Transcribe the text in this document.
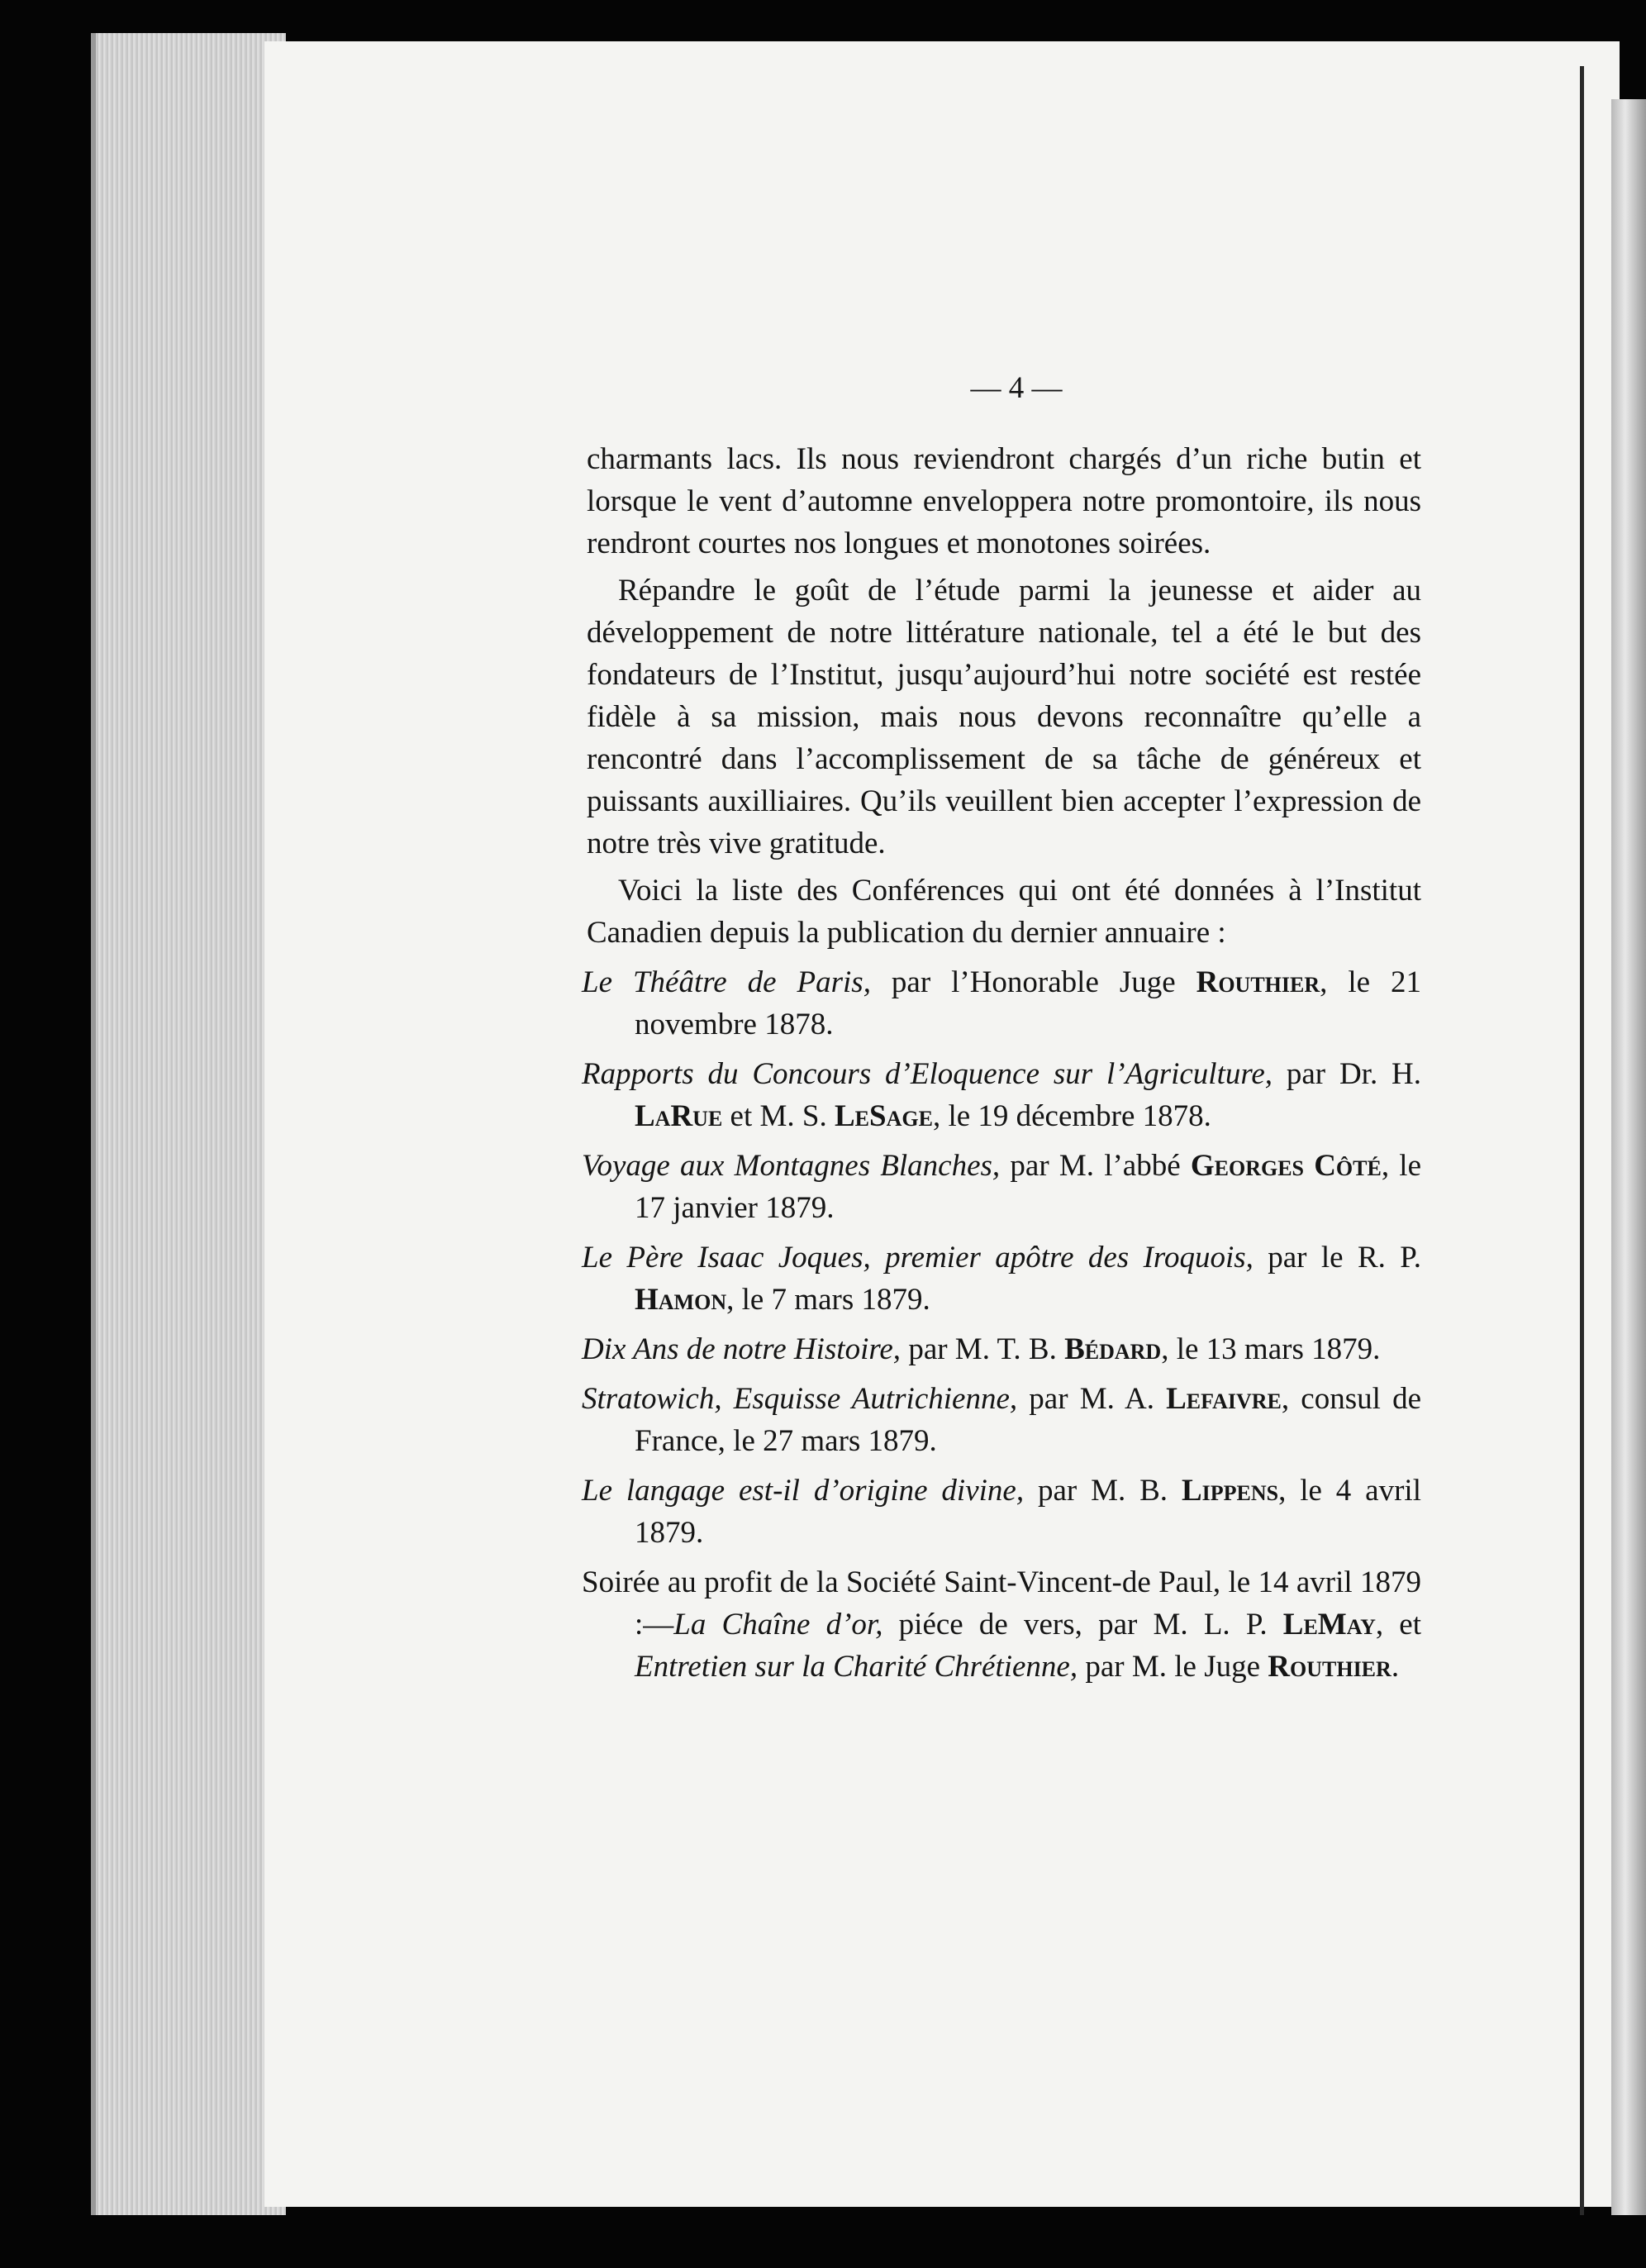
— 4 —

charmants lacs. Ils nous reviendront chargés d’un riche butin et lorsque le vent d’automne enveloppera notre promontoire, ils nous rendront courtes nos longues et monotones soirées.

Répandre le goût de l’étude parmi la jeunesse et aider au développement de notre littérature nationale, tel a été le but des fondateurs de l’Institut, jusqu’aujourd’hui notre société est restée fidèle à sa mission, mais nous devons reconnaître qu’elle a rencontré dans l’accomplissement de sa tâche de généreux et puissants auxilliaires. Qu’ils veuillent bien accepter l’expression de notre très vive gratitude.

Voici la liste des Conférences qui ont été données à l’Institut Canadien depuis la publication du dernier annuaire :

Le Théâtre de Paris, par l’Honorable Juge Routhier, le 21 novembre 1878.

Rapports du Concours d’Eloquence sur l’Agriculture, par Dr. H. LaRue et M. S. LeSage, le 19 décembre 1878.

Voyage aux Montagnes Blanches, par M. l’abbé Georges Côté, le 17 janvier 1879.

Le Père Isaac Joques, premier apôtre des Iroquois, par le R. P. Hamon, le 7 mars 1879.

Dix Ans de notre Histoire, par M. T. B. Bédard, le 13 mars 1879.

Stratowich, Esquisse Autrichienne, par M. A. Lefaivre, consul de France, le 27 mars 1879.

Le langage est-il d’origine divine, par M. B. Lippens, le 4 avril 1879.

Soirée au profit de la Société Saint-Vincent-de Paul, le 14 avril 1879 :—La Chaîne d’or, piéce de vers, par M. L. P. LeMay, et Entretien sur la Charité Chrétienne, par M. le Juge Routhier.
